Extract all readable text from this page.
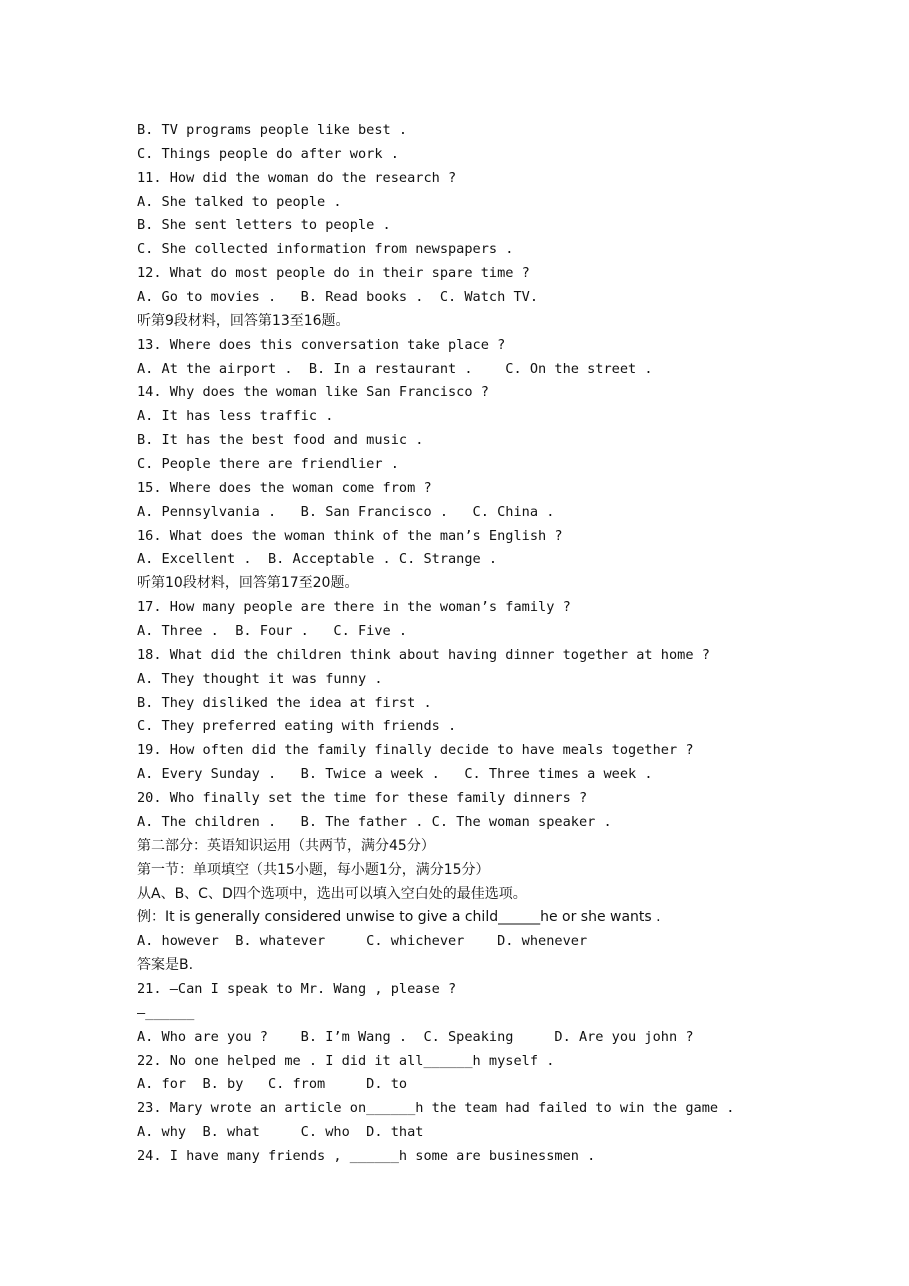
B. TV programs people like best .
C. Things people do after work .
11. How did the woman do the research ?
A. She talked to people .
B. She sent letters to people .
C. She collected information from newspapers .
12. What do most people do in their spare time ?
A. Go to movies .   B. Read books .  C. Watch TV.
听第9段材料，回答第13至16题。
13. Where does this conversation take place ?
A. At the airport .  B. In a restaurant .    C. On the street .
14. Why does the woman like San Francisco ?
A. It has less traffic .
B. It has the best food and music .
C. People there are friendlier .
15. Where does the woman come from ?
A. Pennsylvania .   B. San Francisco .   C. China .
16. What does the woman think of the man’s English ?
A. Excellent .  B. Acceptable . C. Strange .
听第10段材料，回答第17至20题。
17. How many people are there in the woman’s family ?
A. Three .  B. Four .   C. Five .
18. What did the children think about having dinner together at home ?
A. They thought it was funny .
B. They disliked the idea at first .
C. They preferred eating with friends .
19. How often did the family finally decide to have meals together ?
A. Every Sunday .   B. Twice a week .   C. Three times a week .
20. Who finally set the time for these family dinners ?
A. The children .   B. The father . C. The woman speaker .
第二部分：英语知识运用（共两节，满分45分）
第一节：单项填空（共15小题，每小题1分，满分15分）
从A、B、C、D四个选项中，选出可以填入空白处的最佳选项。
例：It is generally considered unwise to give a child______he or she wants .
A. however  B. whatever     C. whichever    D. whenever
答案是B.
21. —Can I speak to Mr. Wang , please ?
—______
A. Who are you ?    B. I’m Wang .  C. Speaking     D. Are you john ?
22. No one helped me . I did it all______h myself .
A. for  B. by   C. from     D. to
23. Mary wrote an article on______h the team had failed to win the game .
A. why  B. what     C. who  D. that
24. I have many friends , ______h some are businessmen .
